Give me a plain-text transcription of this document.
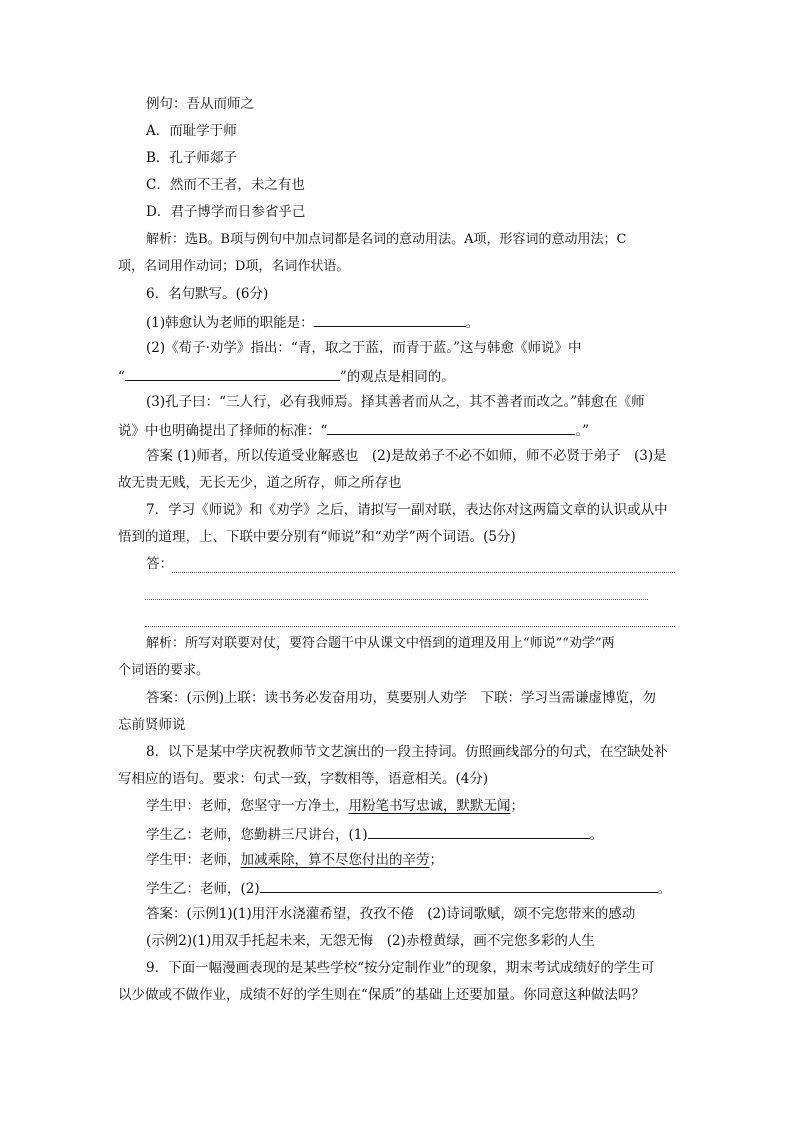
例句：吾从而师之
A．而耻学于师
B．孔子师郯子
C．然而不王者，未之有也
D．君子博学而日参省乎己
解析：选B。B项与例句中加点词都是名词的意动用法。A项，形容词的意动用法；C
项，名词用作动词；D项，名词作状语。
6．名句默写。(6分)
(1)韩愈认为老师的职能是：	。
(2)《荀子·劝学》指出：“青，取之于蓝，而青于蓝。”这与韩愈《师说》中
“	”的观点是相同的。
(3)孔子曰：“三人行，必有我师焉。择其善者而从之，其不善者而改之。”韩愈在《师
说》中也明确提出了择师的标准：“	。”
答案 (1)师者，所以传道受业解惑也　(2)是故弟子不必不如师，师不必贤于弟子　(3)是
故无贵无贱，无长无少，道之所存，师之所存也
7．学习《师说》和《劝学》之后，请拟写一副对联，表达你对这两篇文章的认识或从中
悟到的道理，上、下联中要分别有“师说”和“劝学”两个词语。(5分)
答：
解析：所写对联要对仗，要符合题干中从课文中悟到的道理及用上“师说”“劝学”两
个词语的要求。
答案：(示例)上联：读书务必发奋用功，莫要别人劝学　下联：学习当需谦虚博览，勿
忘前贤师说
8．以下是某中学庆祝教师节文艺演出的一段主持词。仿照画线部分的句式，在空缺处补
写相应的语句。要求：句式一致，字数相等，语意相关。(4分)
学生甲：老师，您坚守一方净土，用粉笔书写忠诚，默默无闻；
学生乙：老师，您勤耕三尺讲台，(1)	。
学生甲：老师，加减乘除，算不尽您付出的辛劳；
学生乙：老师，(2)	。
答案：(示例1)(1)用汗水浇灌希望，孜孜不倦　(2)诗词歌赋，颂不完您带来的感动
(示例2)(1)用双手托起未来，无怨无悔　(2)赤橙黄绿，画不完您多彩的人生
9．下面一幅漫画表现的是某些学校“按分定制作业”的现象，期末考试成绩好的学生可
以少做或不做作业，成绩不好的学生则在“保质”的基础上还要加量。你同意这种做法吗？
